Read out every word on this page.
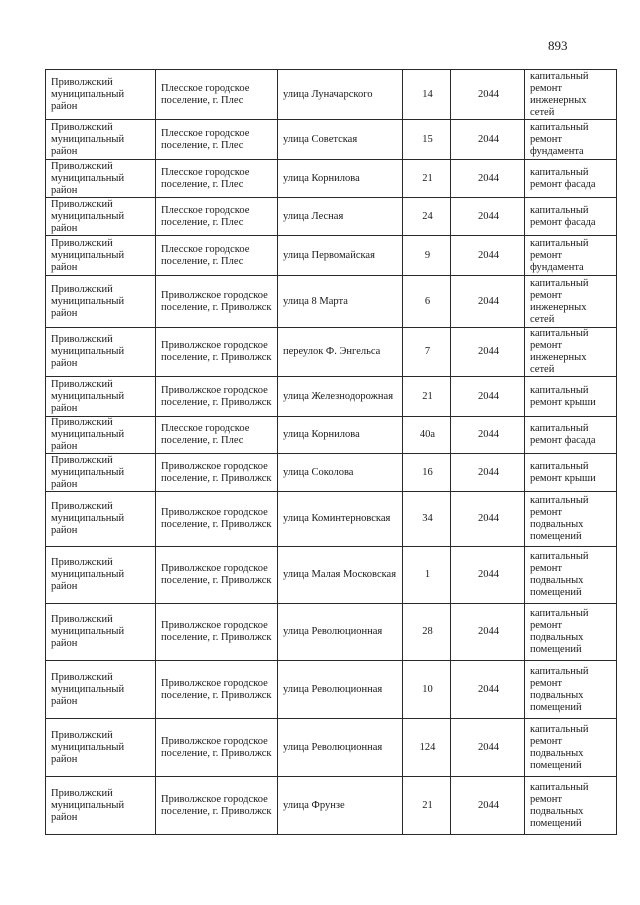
893
Приволжский муниципальный район	Плесское городское поселение, г. Плес	улица Луначарского	14	2044	капитальный ремонт инженерных сетей
Приволжский муниципальный район	Плесское городское поселение, г. Плес	улица Советская	15	2044	капитальный ремонт фундамента
Приволжский муниципальный район	Плесское городское поселение, г. Плес	улица Корнилова	21	2044	капитальный ремонт фасада
Приволжский муниципальный район	Плесское городское поселение, г. Плес	улица Лесная	24	2044	капитальный ремонт фасада
Приволжский муниципальный район	Плесское городское поселение, г. Плес	улица Первомайская	9	2044	капитальный ремонт фундамента
Приволжский муниципальный район	Приволжское городское поселение, г. Приволжск	улица 8 Марта	6	2044	капитальный ремонт инженерных сетей
Приволжский муниципальный район	Приволжское городское поселение, г. Приволжск	переулок Ф. Энгельса	7	2044	капитальный ремонт инженерных сетей
Приволжский муниципальный район	Приволжское городское поселение, г. Приволжск	улица Железнодорожная	21	2044	капитальный ремонт крыши
Приволжский муниципальный район	Плесское городское поселение, г. Плес	улица Корнилова	40а	2044	капитальный ремонт фасада
Приволжский муниципальный район	Приволжское городское поселение, г. Приволжск	улица Соколова	16	2044	капитальный ремонт крыши
Приволжский муниципальный район	Приволжское городское поселение, г. Приволжск	улица Коминтерновская	34	2044	капитальный ремонт подвальных помещений
Приволжский муниципальный район	Приволжское городское поселение, г. Приволжск	улица Малая Московская	1	2044	капитальный ремонт подвальных помещений
Приволжский муниципальный район	Приволжское городское поселение, г. Приволжск	улица Революционная	28	2044	капитальный ремонт подвальных помещений
Приволжский муниципальный район	Приволжское городское поселение, г. Приволжск	улица Революционная	10	2044	капитальный ремонт подвальных помещений
Приволжский муниципальный район	Приволжское городское поселение, г. Приволжск	улица Революционная	124	2044	капитальный ремонт подвальных помещений
Приволжский муниципальный район	Приволжское городское поселение, г. Приволжск	улица Фрунзе	21	2044	капитальный ремонт подвальных помещений
